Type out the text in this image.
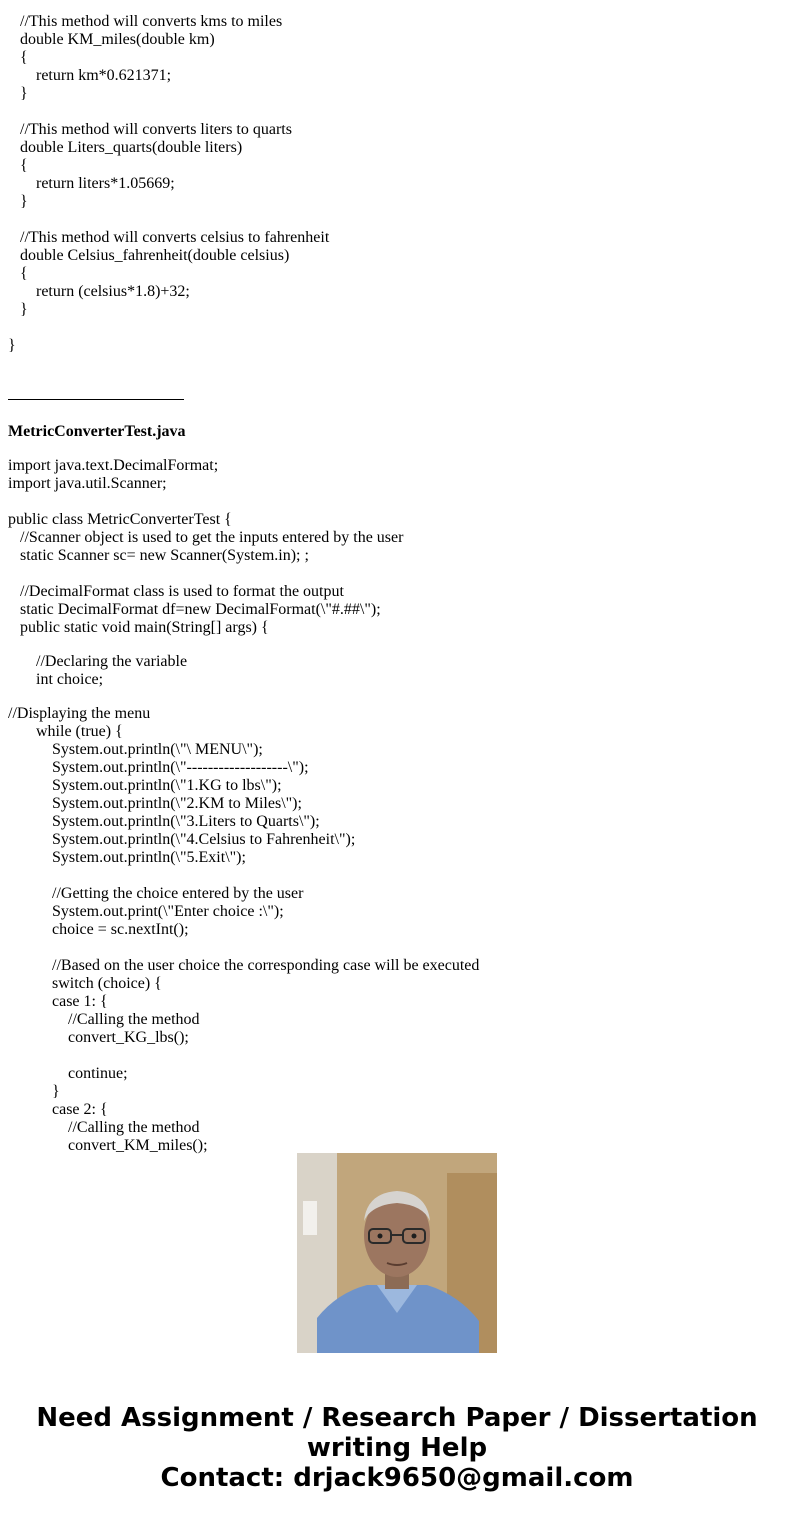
//This method will converts kms to miles
double KM_miles(double km)
{
return km*0.621371;
}
//This method will converts liters to quarts
double Liters_quarts(double liters)
{
return liters*1.05669;
}
//This method will converts celsius to fahrenheit
double Celsius_fahrenheit(double celsius)
{
return (celsius*1.8)+32;
}
}
MetricConverterTest.java
import java.text.DecimalFormat;
import java.util.Scanner;
public class MetricConverterTest {
//Scanner object is used to get the inputs entered by the user
static Scanner sc= new Scanner(System.in); ;
//DecimalFormat class is used to format the output
static DecimalFormat df=new DecimalFormat(\"#.##\");
public static void main(String[] args) {
//Declaring the variable
int choice;
//Displaying the menu
while (true) {
System.out.println(\"\ MENU\");
System.out.println(\"-------------------\");
System.out.println(\"1.KG to lbs\");
System.out.println(\"2.KM to Miles\");
System.out.println(\"3.Liters to Quarts\");
System.out.println(\"4.Celsius to Fahrenheit\");
System.out.println(\"5.Exit\");
//Getting the choice entered by the user
System.out.print(\"Enter choice :\");
choice = sc.nextInt();
//Based on the user choice the corresponding case will be executed
switch (choice) {
case 1: {
//Calling the method
convert_KG_lbs();
continue;
}
case 2: {
//Calling the method
convert_KM_miles();
Need Assignment / Research Paper / Dissertation
writing Help
Contact: drjack9650@gmail.com
